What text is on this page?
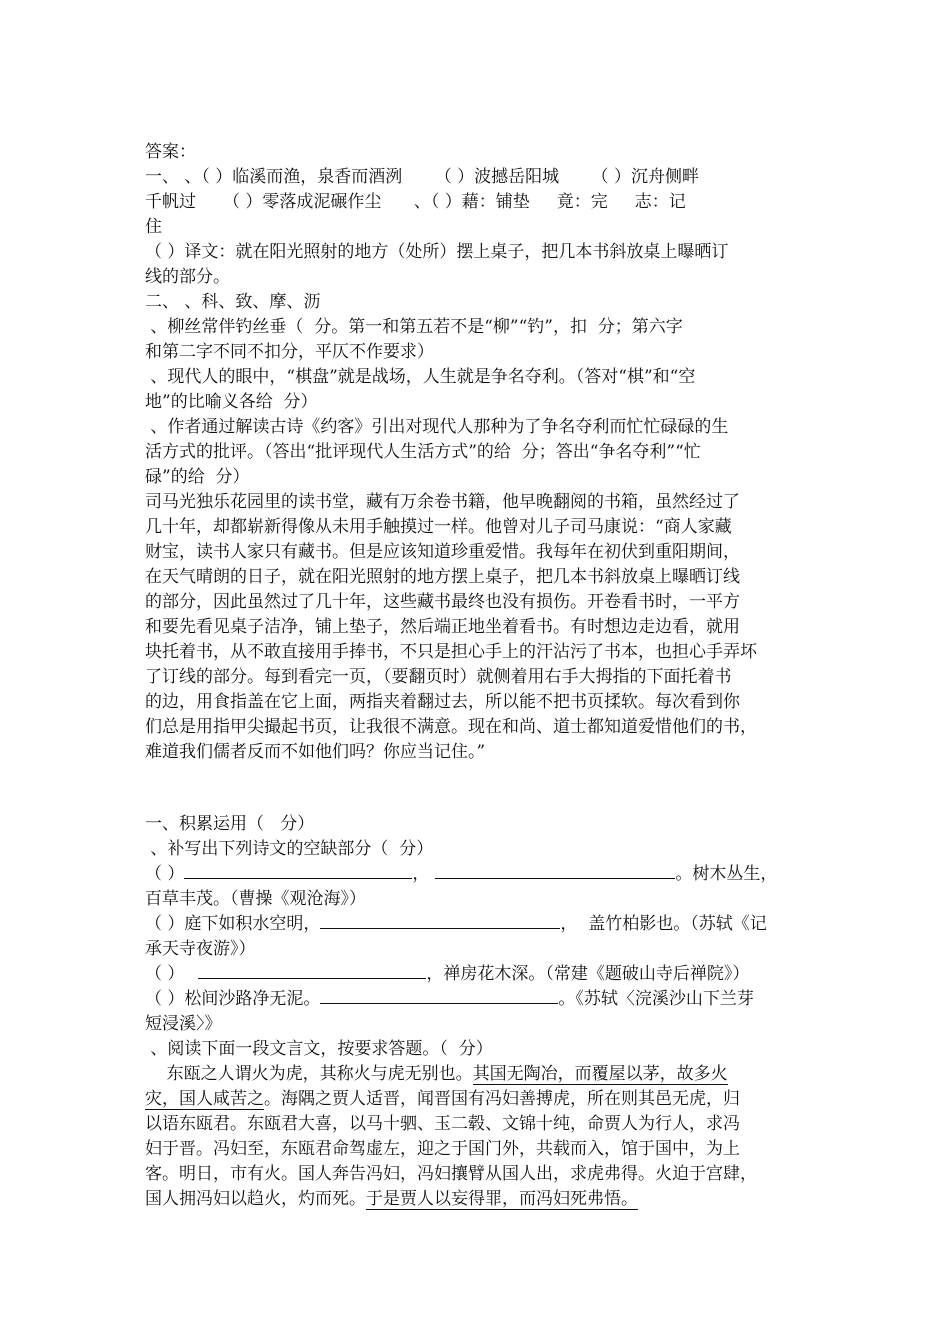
答案：
一、 、（ ）临溪而渔，泉香而酒洌      （ ）波撼岳阳城      （ ）沉舟侧畔
千帆过     （ ）零落成泥碾作尘      、（ ）藉：铺垫     竟：完     志：记
住
（ ）译文：就在阳光照射的地方（处所）摆上桌子，把几本书斜放桌上曝晒订
线的部分。
二、 、科、致、摩、沥
、柳丝常伴钓丝垂（  分。第一和第五若不是“柳”“钓”，扣  分；第六字
和第二字不同不扣分，平仄不作要求）
、现代人的眼中，“棋盘”就是战场，人生就是争名夺利。（答对“棋”和“空
地”的比喻义各给  分）
、作者通过解读古诗《约客》引出对现代人那种为了争名夺利而忙忙碌碌的生
活方式的批评。（答出“批评现代人生活方式”的给  分；答出“争名夺利”“忙
碌”的给  分）
司马光独乐花园里的读书堂，藏有万余卷书籍，他早晚翻阅的书箱，虽然经过了
几十年，却都崭新得像从未用手触摸过一样。他曾对儿子司马康说：“商人家藏
财宝，读书人家只有藏书。但是应该知道珍重爱惜。我每年在初伏到重阳期间，
在天气晴朗的日子，就在阳光照射的地方摆上桌子，把几本书斜放桌上曝晒订线
的部分，因此虽然过了几十年，这些藏书最终也没有损伤。开卷看书时，一平方
和要先看见桌子洁净，铺上垫子，然后端正地坐着看书。有时想边走边看，就用
块托着书，从不敢直接用手捧书，不只是担心手上的汗沾污了书本，也担心手弄坏
了订线的部分。每到看完一页，（要翻页时）就侧着用右手大拇指的下面托着书
的边，用食指盖在它上面，两指夹着翻过去，所以能不把书页揉软。每次看到你
们总是用指甲尖撮起书页，让我很不满意。现在和尚、道士都知道爱惜他们的书，
难道我们儒者反而不如他们吗？你应当记住。”
一、积累运用（   分）
、补写出下列诗文的空缺部分（  分）
（ ）	，	。树木丛生，
百草丰茂。（曹操《观沧海》）
（ ）庭下如积水空明，	，  盖竹柏影也。（苏轼《记
承天寺夜游》）
（ ）	，禅房花木深。（常建《题破山寺后禅院》）
（ ）松间沙路净无泥。	。《苏轼〈浣溪沙山下兰芽
短浸溪〉》
、阅读下面一段文言文，按要求答题。（  分）
东瓯之人谓火为虎，其称火与虎无别也。其国无陶冶，而覆屋以茅，故多火
灾，国人咸苦之。海隅之贾人适晋，闻晋国有冯妇善搏虎，所在则其邑无虎，归
以语东瓯君。东瓯君大喜，以马十驷、玉二毂、文锦十纯，命贾人为行人，求冯
妇于晋。冯妇至，东瓯君命驾虚左，迎之于国门外，共载而入，馆于国中，为上
客。明日，市有火。国人奔告冯妇，冯妇攘臂从国人出，求虎弗得。火迫于宫肆，
国人拥冯妇以趋火，灼而死。于是贾人以妄得罪，而冯妇死弗悟。
